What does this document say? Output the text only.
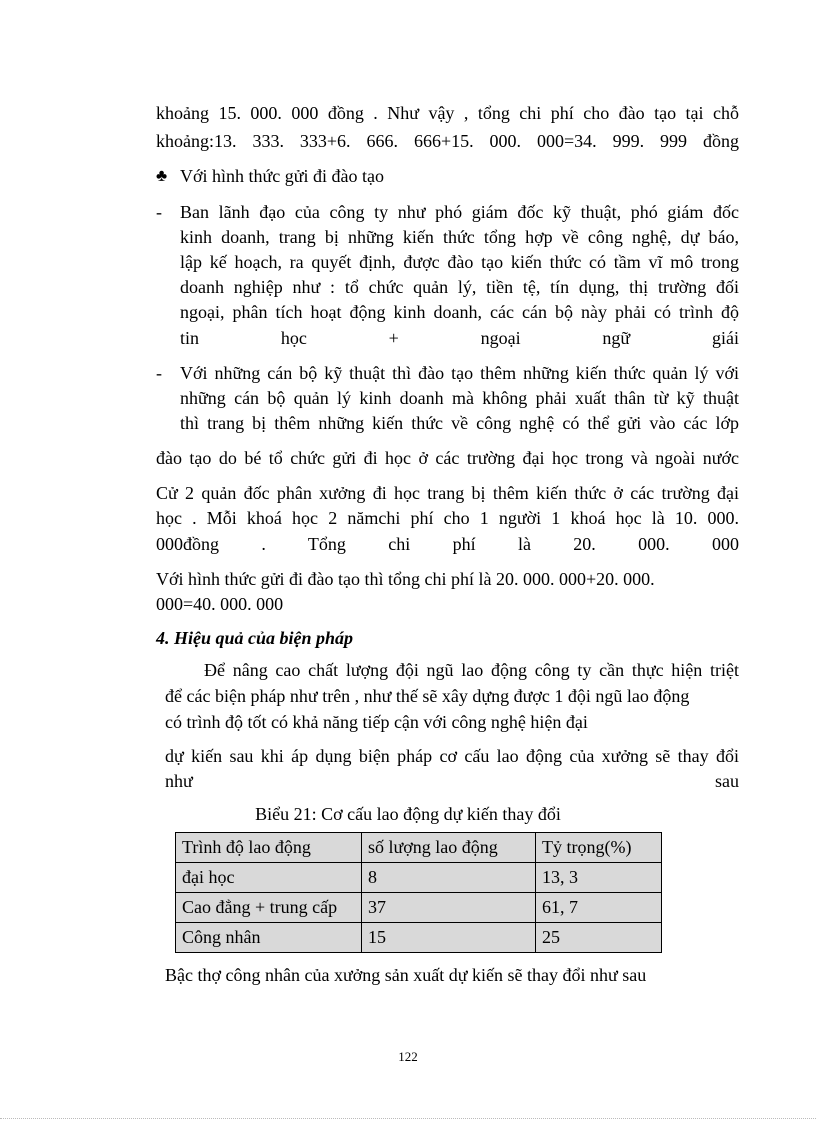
khoảng 15. 000. 000 đồng . Như vậy , tổng chi phí cho đào tạo tại chỗ
khoảng:13. 333. 333+6. 666. 666+15. 000. 000=34. 999. 999 đồng
♣ Với hình thức gửi đi đào tạo
- Ban lãnh đạo của công ty như phó giám đốc kỹ thuật, phó giám đốc
kinh doanh, trang bị những kiến thức tổng hợp về công nghệ, dự báo,
lập kế hoạch, ra quyết định, được đào tạo kiến thức có tầm vĩ mô trong
doanh nghiệp như : tổ chức quản lý, tiền tệ, tín dụng, thị trường đối
ngoại, phân tích hoạt động kinh doanh, các cán bộ này phải có trình độ
tin học + ngoại ngữ giái
- Với những cán bộ kỹ thuật thì đào tạo thêm những kiến thức quản lý với
những cán bộ quản lý kinh doanh mà không phải xuất thân từ kỹ thuật
thì trang bị thêm những kiến thức về công nghệ có thể gửi vào các lớp
đào tạo do bé tổ chức gửi đi học ở các trường đại học trong và ngoài nước
Cử 2 quản đốc phân xưởng đi học trang bị thêm kiến thức ở các trường đại
học . Mỗi khoá học 2 nămchi phí cho 1 người 1 khoá học là 10. 000.
000đồng . Tổng chi phí là 20. 000. 000
Với hình thức gửi đi đào tạo thì tổng chi phí là 20. 000. 000+20. 000.
000=40. 000. 000
4. Hiệu quả của biện pháp
Để nâng cao chất lượng đội ngũ lao động công ty cần thực hiện triệt
để các biện pháp như trên , như thế sẽ xây dựng được 1 đội ngũ lao động
có trình độ tốt có khả năng tiếp cận với công nghệ hiện đại
dự kiến sau khi áp dụng biện pháp cơ cấu lao động của xưởng sẽ thay đổi
như sau
Biểu 21: Cơ cấu lao động dự kiến thay đổi
Trình độ lao động	số lượng lao động	Tỷ trọng(%)
đại học	8	13, 3
Cao đẳng + trung cấp	37	61, 7
Công nhân	15	25
Bậc thợ công nhân của xưởng sản xuất dự kiến sẽ thay đổi như sau
122
